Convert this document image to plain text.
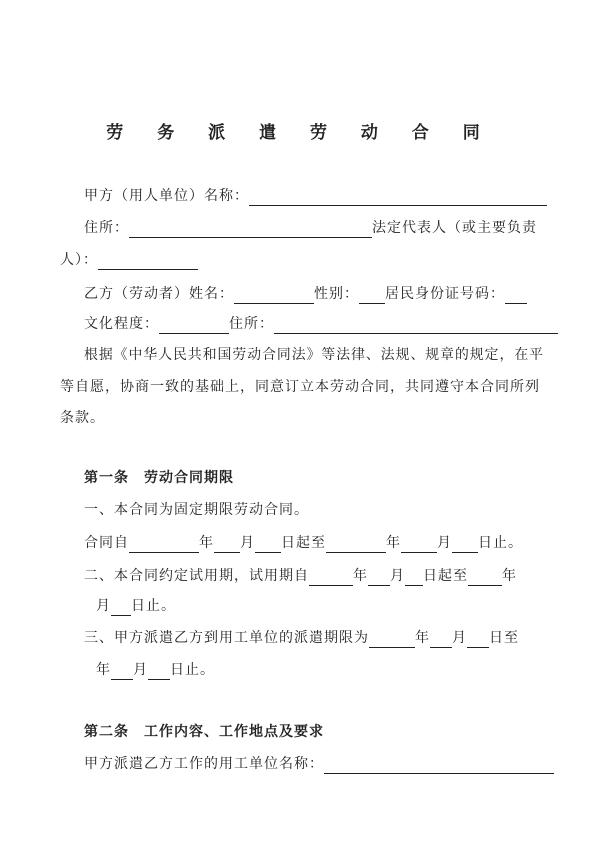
劳 务 派 遣 劳 动 合 同
甲方（用人单位）名称：
住所：	法定代表人（或主要负责
人）：
乙方（劳动者）姓名：	性别： 居民身份证号码：
文化程度：	住所：
根据《中华人民共和国劳动合同法》等法律、法规、规章的规定，在平
等自愿，协商一致的基础上，同意订立本劳动合同，共同遵守本合同所列
条款。
第一条　劳动合同期限
一、本合同为固定期限劳动合同。
合同自	年 月 日起至	年	月 日止。
二、本合同约定试用期，试用期自	年 月 日起至 年
月 日止。
三、甲方派遣乙方到用工单位的派遣期限为	年 月 日至
年 月 日止。
第二条　工作内容、工作地点及要求
甲方派遣乙方工作的用工单位名称：
